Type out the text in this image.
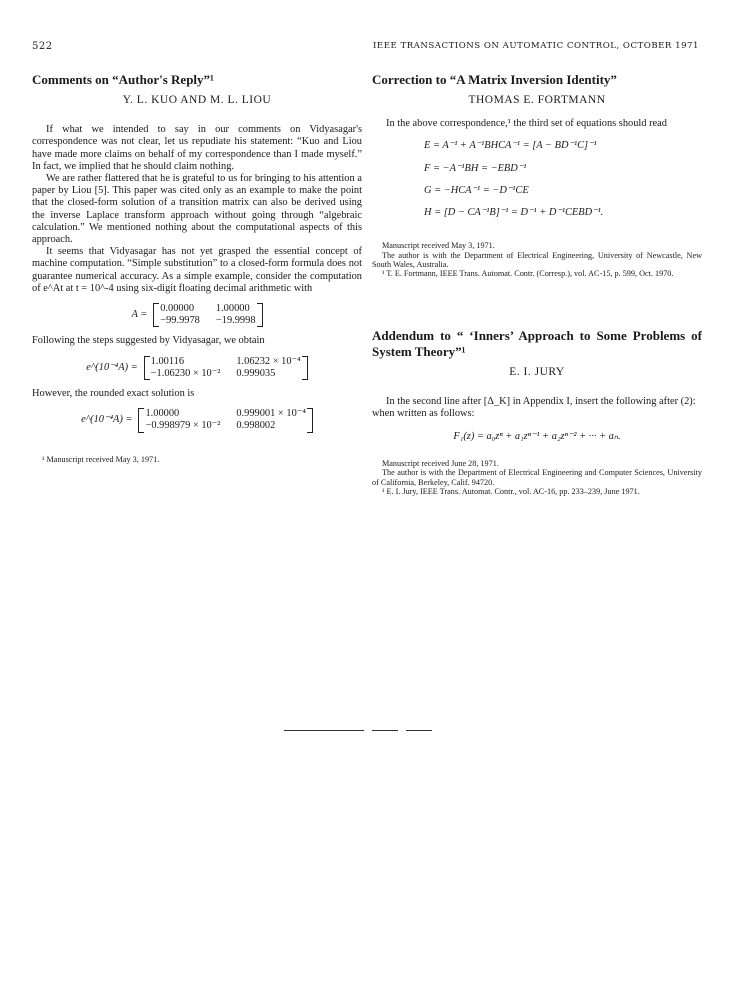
522	IEEE TRANSACTIONS ON AUTOMATIC CONTROL, OCTOBER 1971
Comments on “Author's Reply”¹
Y. L. KUO AND M. L. LIOU

If what we intended to say in our comments on Vidyasagar's correspondence was not clear, let us repudiate his statement: “Kuo and Liou have made more claims on behalf of my correspondence than I made myself.” In fact, we implied that he should claim nothing.

We are rather flattered that he is grateful to us for bringing to his attention a paper by Liou [5]. This paper was cited only as an example to make the point that the closed-form solution of a transition matrix can also be derived using the inverse Laplace transform approach without going through “algebraic calculation.” We mentioned nothing about the computational aspects of this approach.

It seems that Vidyasagar has not yet grasped the essential concept of machine computation. “Simple substitution” to a closed-form formula does not guarantee numerical accuracy. As a simple example, consider the computation of e^At at t = 10^-4 using six-digit floating decimal arithmetic with

A =
0.00000	1.00000
−99.9978 −19.9998

Following the steps suggested by Vidyasagar, we obtain

e^(10⁻⁴A) =
1.00116	1.06232 × 10⁻⁴
−1.06230 × 10⁻² 0.999035

However, the rounded exact solution is

e^(10⁻⁴A) =
1.00000	0.999001 × 10⁻⁴
−0.998979 × 10⁻² 0.998002
¹ Manuscript received May 3, 1971.
Correction to “A Matrix Inversion Identity”
THOMAS E. FORTMANN

In the above correspondence,¹ the third set of equations should read

E = A⁻¹ + A⁻¹BHCA⁻¹ = [A − BD⁻¹C]⁻¹
F = −A⁻¹BH = −EBD⁻¹
G = −HCA⁻¹ = −D⁻¹CE
H = [D − CA⁻¹B]⁻¹ = D⁻¹ + D⁻¹CEBD⁻¹.

Manuscript received May 3, 1971.

The author is with the Department of Electrical Engineering, University of Newcastle, New South Wales, Australia.

¹ T. E. Fortmann, IEEE Trans. Automat. Contr. (Corresp.), vol. AC-15, p. 599, Oct. 1970.

Addendum to “ ‘Inners’ Approach to Some Problems of System Theory”¹
E. I. JURY

In the second line after [Δ_K] in Appendix I, insert the following after (2):

when written as follows:

F₁(z) = a₀zⁿ + a₁zⁿ⁻¹ + a₂zⁿ⁻² + ··· + aₙ.

Manuscript received June 28, 1971.

The author is with the Department of Electrical Engineering and Computer Sciences, University of California, Berkeley, Calif. 94720.

¹ E. I. Jury, IEEE Trans. Automat. Contr., vol. AC-16, pp. 233–239, June 1971.
